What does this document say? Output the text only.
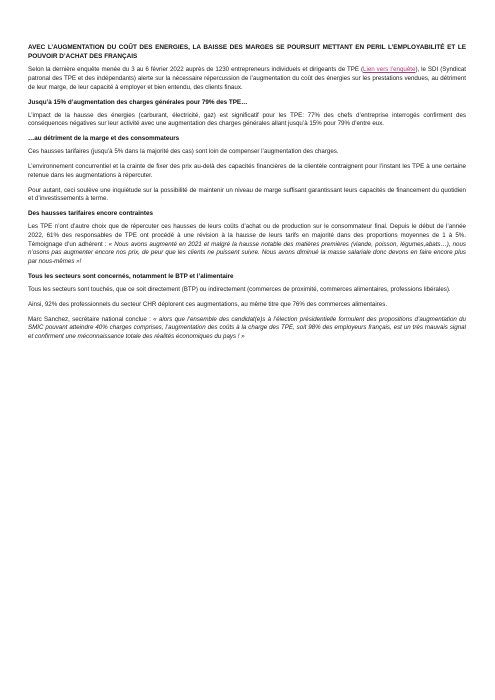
AVEC L’AUGMENTATION DU COÛT DES ENERGIES, LA BAISSE DES MARGES SE POURSUIT METTANT EN PERIL L’EMPLOYABILITÉ ET LE POUVOIR D’ACHAT DES FRANÇAIS

Selon la dernière enquête menée du 3 au 6 février 2022 auprès de 1230 entrepreneurs individuels et dirigeants de TPE (Lien vers l’enquête), le SDI (Syndicat patronal des TPE et des indépendants) alerte sur la nécessaire répercussion de l’augmentation du coût des énergies sur les prestations vendues, au détriment de leur marge, de leur capacité à employer et bien entendu, des clients finaux.

Jusqu’à 15% d’augmentation des charges générales pour 79% des TPE…

L’impact de la hausse des énergies (carburant, électricité, gaz) est significatif pour les TPE: 77% des chefs d’entreprise interrogés confirment des conséquences négatives sur leur activité avec une augmentation des charges générales allant jusqu’à 15% pour 79% d’entre eux.

…au détriment de la marge et des consommateurs

Ces hausses tarifaires (jusqu’à 5% dans la majorité des cas) sont loin de compenser l’augmentation des charges.

L’environnement concurrentiel et la crainte de fixer des prix au-delà des capacités financières de la clientèle contraignent pour l’instant les TPE à une certaine retenue dans les augmentations à répercuter.

Pour autant, ceci soulève une inquiétude sur la possibilité de maintenir un niveau de marge suffisant garantissant leurs capacités de financement du quotidien et d’investissements à terme.

Des hausses tarifaires encore contraintes

Les TPE n’ont d’autre choix que de répercuter ces hausses de leurs coûts d’achat ou de production sur le consommateur final. Depuis le début de l’année 2022, 61% des responsables de TPE ont procédé à une révision à la hausse de leurs tarifs en majorité dans des proportions moyennes de 1 à 5%. Témoignage d’un adhérent : « Nous avons augmenté en 2021 et malgré la hausse notable des matières premières (viande, poisson, légumes,abats…), nous n’osons pas augmenter encore nos prix, de peur que les clients ne puissent suivre. Nous avons diminué la masse salariale donc devons en faire encore plus par nous-mêmes »!

Tous les secteurs sont concernés, notamment le BTP et l’alimentaire

Tous les secteurs sont touchés, que ce soit directement (BTP) ou indirectement (commerces de proximité, commerces alimentaires, professions libérales).

Ainsi, 92% des professionnels du secteur CHR déplorent ces augmentations, au même titre que 76% des commerces alimentaires.

Marc Sanchez, secrétaire national conclue : « alors que l’ensemble des candidat(e)s à l’élection présidentielle formulent des propositions d’augmentation du SMIC pouvant atteindre 40% charges comprises, l’augmentation des coûts à la charge des TPE, soit 98% des employeurs français, est un très mauvais signal et confirment une méconnaissance totale des réalités économiques du pays ! »
